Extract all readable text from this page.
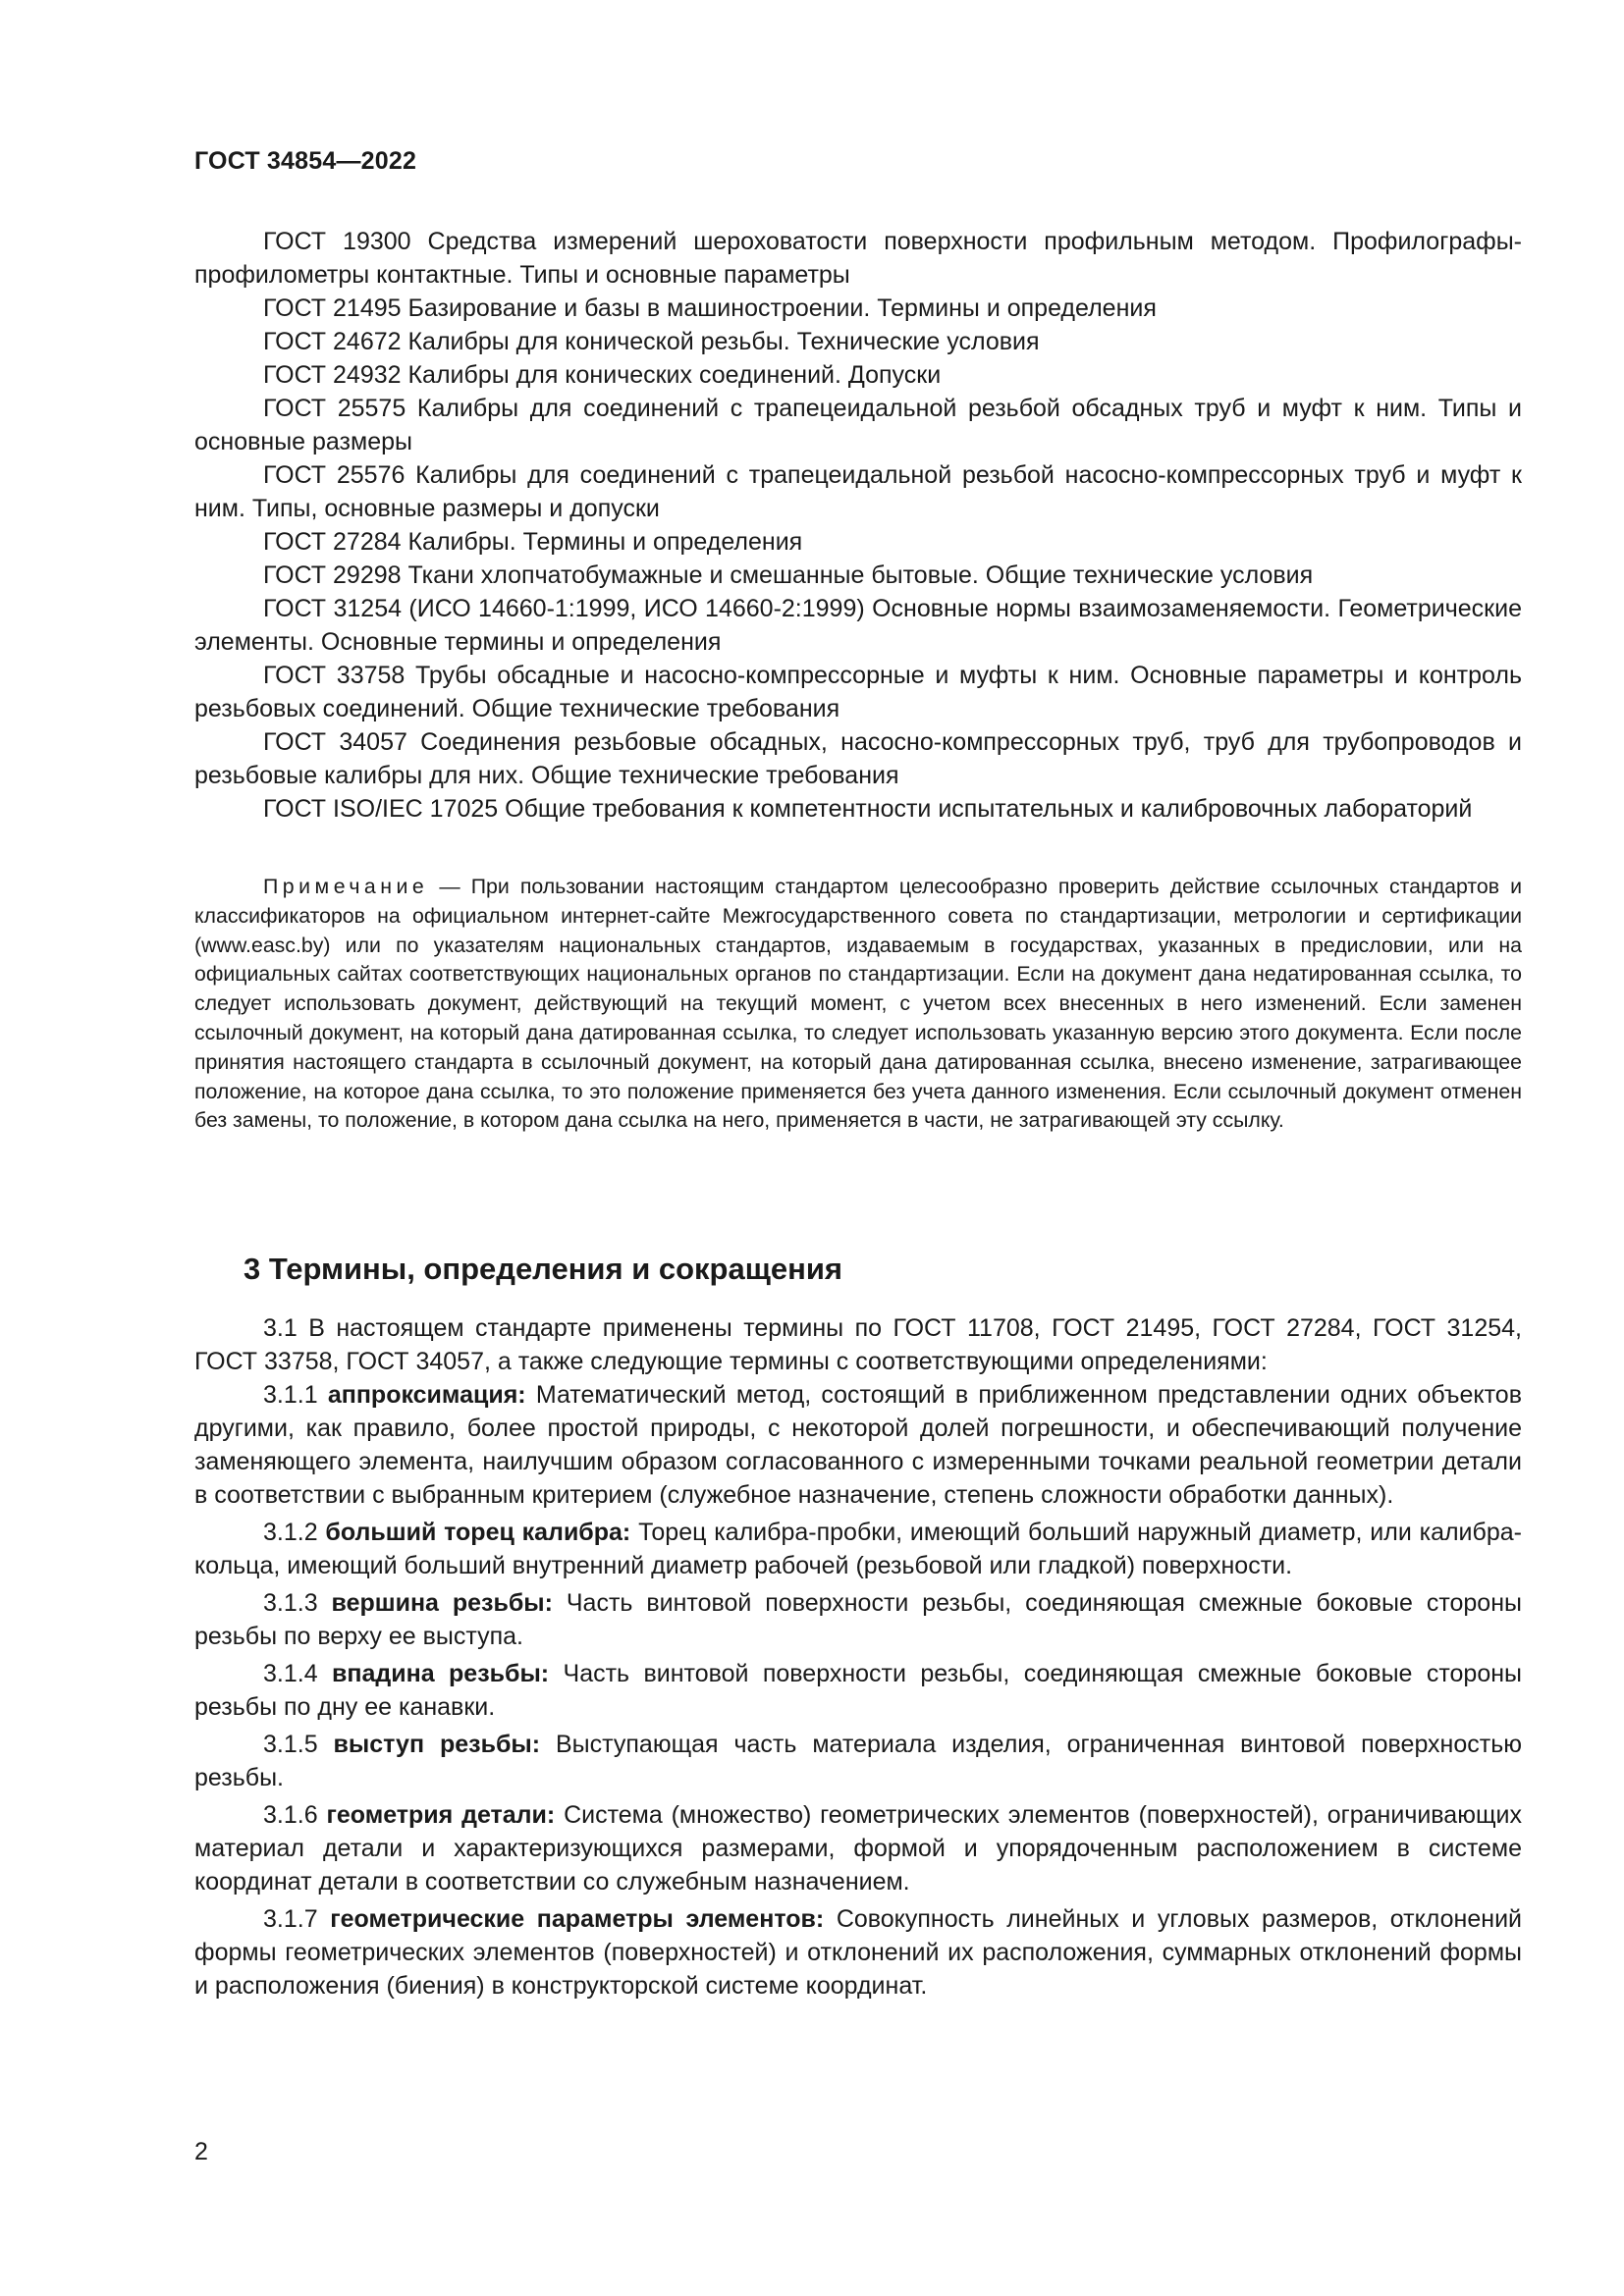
ГОСТ 34854—2022

ГОСТ 19300 Средства измерений шероховатости поверхности профильным методом. Профилографы-профилометры контактные. Типы и основные параметры

ГОСТ 21495 Базирование и базы в машиностроении. Термины и определения

ГОСТ 24672 Калибры для конической резьбы. Технические условия

ГОСТ 24932 Калибры для конических соединений. Допуски

ГОСТ 25575 Калибры для соединений с трапецеидальной резьбой обсадных труб и муфт к ним. Типы и основные размеры

ГОСТ 25576 Калибры для соединений с трапецеидальной резьбой насосно-компрессорных труб и муфт к ним. Типы, основные размеры и допуски

ГОСТ 27284 Калибры. Термины и определения

ГОСТ 29298 Ткани хлопчатобумажные и смешанные бытовые. Общие технические условия

ГОСТ 31254 (ИСО 14660-1:1999, ИСО 14660-2:1999) Основные нормы взаимозаменяемости. Геометрические элементы. Основные термины и определения

ГОСТ 33758 Трубы обсадные и насосно-компрессорные и муфты к ним. Основные параметры и контроль резьбовых соединений. Общие технические требования

ГОСТ 34057 Соединения резьбовые обсадных, насосно-компрессорных труб, труб для трубопроводов и резьбовые калибры для них. Общие технические требования

ГОСТ ISO/IEC 17025 Общие требования к компетентности испытательных и калибровочных лабораторий

Примечание — При пользовании настоящим стандартом целесообразно проверить действие ссылочных стандартов и классификаторов на официальном интернет-сайте Межгосударственного совета по стандартизации, метрологии и сертификации (www.easc.by) или по указателям национальных стандартов, издаваемым в государствах, указанных в предисловии, или на официальных сайтах соответствующих национальных органов по стандартизации. Если на документ дана недатированная ссылка, то следует использовать документ, действующий на текущий момент, с учетом всех внесенных в него изменений. Если заменен ссылочный документ, на который дана датированная ссылка, то следует использовать указанную версию этого документа. Если после принятия настоящего стандарта в ссылочный документ, на который дана датированная ссылка, внесено изменение, затрагивающее положение, на которое дана ссылка, то это положение применяется без учета данного изменения. Если ссылочный документ отменен без замены, то положение, в котором дана ссылка на него, применяется в части, не затрагивающей эту ссылку.

3 Термины, определения и сокращения

3.1 В настоящем стандарте применены термины по ГОСТ 11708, ГОСТ 21495, ГОСТ 27284, ГОСТ 31254, ГОСТ 33758, ГОСТ 34057, а также следующие термины с соответствующими определениями:

3.1.1 аппроксимация: Математический метод, состоящий в приближенном представлении одних объектов другими, как правило, более простой природы, с некоторой долей погрешности, и обеспечивающий получение заменяющего элемента, наилучшим образом согласованного с измеренными точками реальной геометрии детали в соответствии с выбранным критерием (служебное назначение, степень сложности обработки данных).

3.1.2 больший торец калибра: Торец калибра-пробки, имеющий больший наружный диаметр, или калибра-кольца, имеющий больший внутренний диаметр рабочей (резьбовой или гладкой) поверхности.

3.1.3 вершина резьбы: Часть винтовой поверхности резьбы, соединяющая смежные боковые стороны резьбы по верху ее выступа.

3.1.4 впадина резьбы: Часть винтовой поверхности резьбы, соединяющая смежные боковые стороны резьбы по дну ее канавки.

3.1.5 выступ резьбы: Выступающая часть материала изделия, ограниченная винтовой поверхностью резьбы.

3.1.6 геометрия детали: Система (множество) геометрических элементов (поверхностей), ограничивающих материал детали и характеризующихся размерами, формой и упорядоченным расположением в системе координат детали в соответствии со служебным назначением.

3.1.7 геометрические параметры элементов: Совокупность линейных и угловых размеров, отклонений формы геометрических элементов (поверхностей) и отклонений их расположения, суммарных отклонений формы и расположения (биения) в конструкторской системе координат.

2
